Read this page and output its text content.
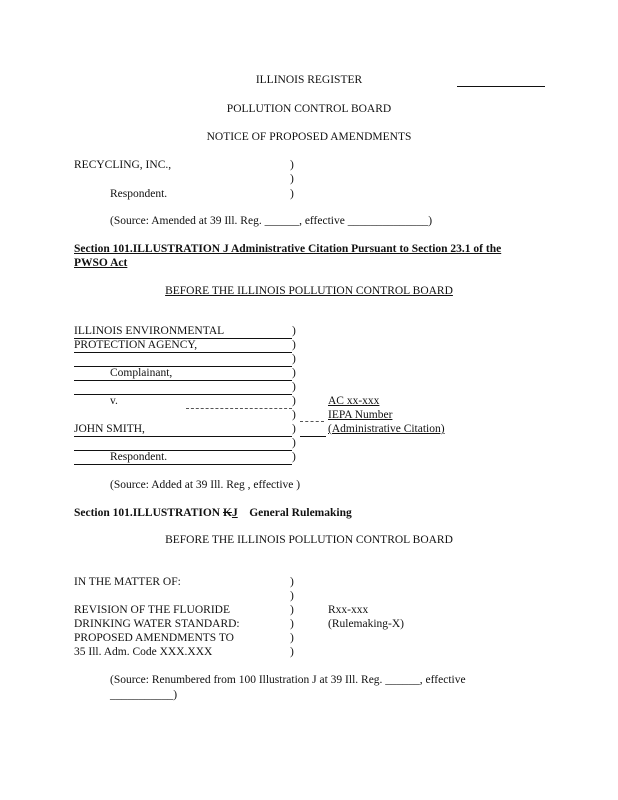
ILLINOIS REGISTER
POLLUTION CONTROL BOARD
NOTICE OF PROPOSED AMENDMENTS
RECYCLING, INC.,	)
)
Respondent.	)
(Source: Amended at 39 Ill. Reg. ______, effective ______________)
Section 101.ILLUSTRATION J Administrative Citation Pursuant to Section 23.1 of the
PWSO Act
BEFORE THE ILLINOIS POLLUTION CONTROL BOARD
ILLINOIS ENVIRONMENTAL
PROTECTION AGENCY,
Complainant,
v.
JOHN SMITH,
Respondent.
)
)
)
)
)
)
)
)
)
)
AC xx-xxx
IEPA Number
(Administrative Citation)
(Source: Added at 39 Ill. Reg , effective )
Section 101.ILLUSTRATION KJ    General Rulemaking
BEFORE THE ILLINOIS POLLUTION CONTROL BOARD
IN THE MATTER OF:
REVISION OF THE FLUORIDE
DRINKING WATER STANDARD:
PROPOSED AMENDMENTS TO
35 Ill. Adm. Code XXX.XXX
)
)
)
)
)
)
Rxx-xxx
(Rulemaking-X)
(Source: Renumbered from 100 Illustration J at 39 Ill. Reg. ______, effective
___________)
